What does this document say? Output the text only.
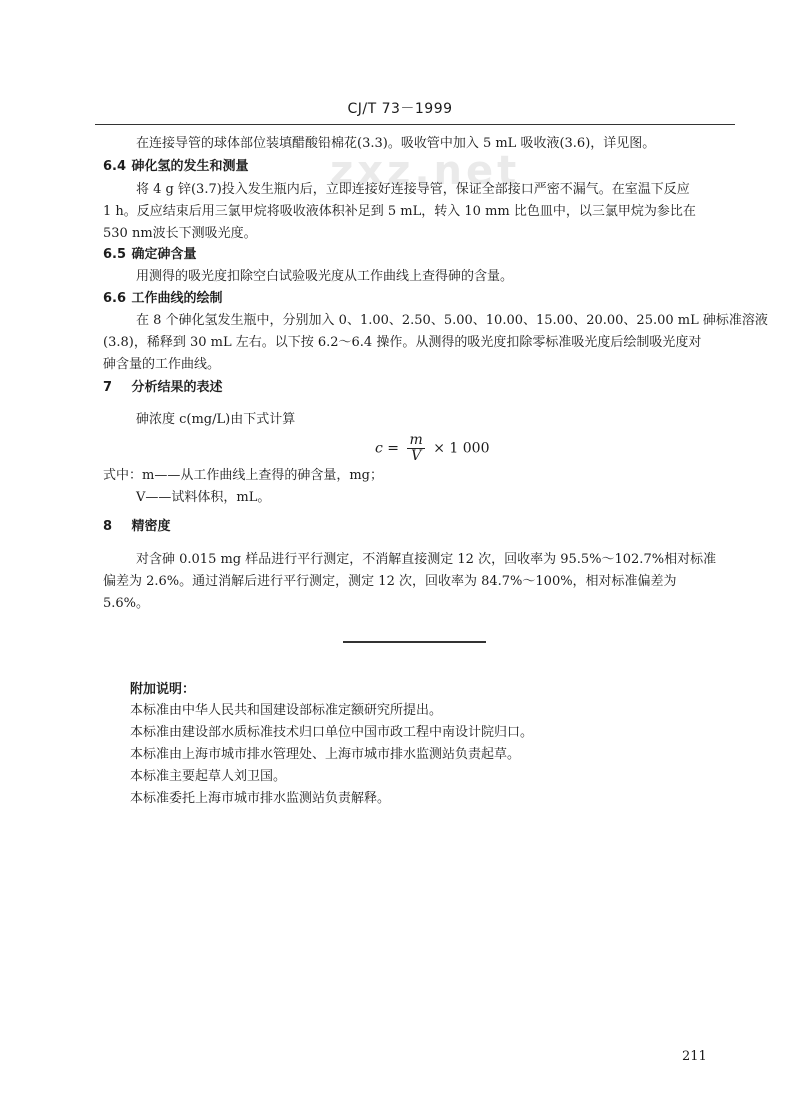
zxz.net
CJ/T 73－1999
在连接导管的球体部位装填醋酸铅棉花(3.3)。吸收管中加入 5 mL 吸收液(3.6)，详见图。
6.4 砷化氢的发生和测量
将 4 g 锌(3.7)投入发生瓶内后，立即连接好连接导管，保证全部接口严密不漏气。在室温下反应
1 h。反应结束后用三氯甲烷将吸收液体积补足到 5 mL，转入 10 mm 比色皿中，以三氯甲烷为参比在
530 nm波长下测吸光度。
6.5 确定砷含量
用测得的吸光度扣除空白试验吸光度从工作曲线上查得砷的含量。
6.6 工作曲线的绘制
在 8 个砷化氢发生瓶中，分别加入 0、1.00、2.50、5.00、10.00、15.00、20.00、25.00 mL 砷标准溶液
(3.8)，稀释到 30 mL 左右。以下按 6.2～6.4 操作。从测得的吸光度扣除零标准吸光度后绘制吸光度对
砷含量的工作曲线。
7 分析结果的表述
砷浓度 c(mg/L)由下式计算
$c = \frac{m}{V} \times 1$ 000
式中：m——从工作曲线上查得的砷含量，mg；
V——试料体积，mL。
8 精密度
对含砷 0.015 mg 样品进行平行测定，不消解直接测定 12 次，回收率为 95.5%～102.7%相对标准
偏差为 2.6%。通过消解后进行平行测定，测定 12 次，回收率为 84.7%～100%，相对标准偏差为
5.6%。
附加说明：
本标准由中华人民共和国建设部标准定额研究所提出。
本标准由建设部水质标准技术归口单位中国市政工程中南设计院归口。
本标准由上海市城市排水管理处、上海市城市排水监测站负责起草。
本标准主要起草人刘卫国。
本标准委托上海市城市排水监测站负责解释。
211
